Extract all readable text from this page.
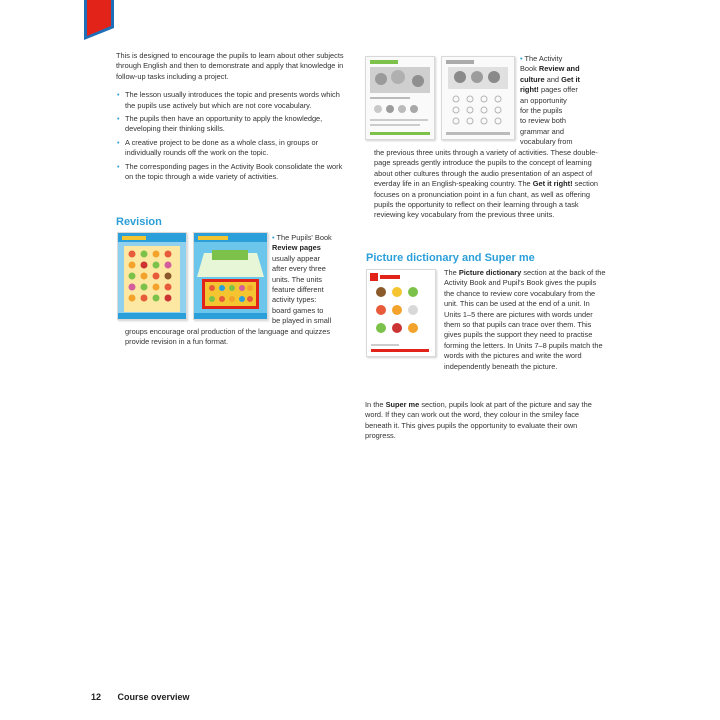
This is designed to encourage the pupils to learn about other subjects through English and then to demonstrate and apply that knowledge in follow-up tasks including a project.

• The lesson usually introduces the topic and presents words which the pupils use actively but which are not core vocabulary.
• The pupils then have an opportunity to apply the knowledge, developing their thinking skills.
• A creative project to be done as a whole class, in groups or individually rounds off the work on the topic.
• The corresponding pages in the Activity Book consolidate the work on the topic through a wide variety of activities.
Revision

• The Pupils' Book

Review pages

usually appear

after every three

units. The units

feature different

activity types:

board games to

be played in small

groups encourage oral production of the language and quizzes provide revision in a fun format.

• The Activity

Book Review and

culture and Get it

right! pages offer

an opportunity

for the pupils

to review both

grammar and

vocabulary from

the previous three units through a variety of activities. These double-page spreads gently introduce the pupils to the concept of learning about other cultures through the audio presentation of an aspect of everday life in an English-speaking country. The Get it right! section focuses on a pronunciation point in a fun chant, as well as offering pupils the opportunity to reflect on their learning through a task reviewing key vocabulary from the previous three units.

Picture dictionary and Super me

The Picture dictionary section at the back of the Activity Book and Pupil's Book gives the pupils the chance to review core vocabulary from the unit. This can be used at the end of a unit. In Units 1–5 there are pictures with words under them so that pupils can trace over them. This gives pupils the support they need to practise forming the letters. In Units 7–8 pupils match the words with the pictures and write the word independently beneath the picture.

In the Super me section, pupils look at part of the picture and say the word. If they can work out the word, they colour in the smiley face beneath it. This gives pupils the opportunity to evaluate their own progress.

12 Course overview
